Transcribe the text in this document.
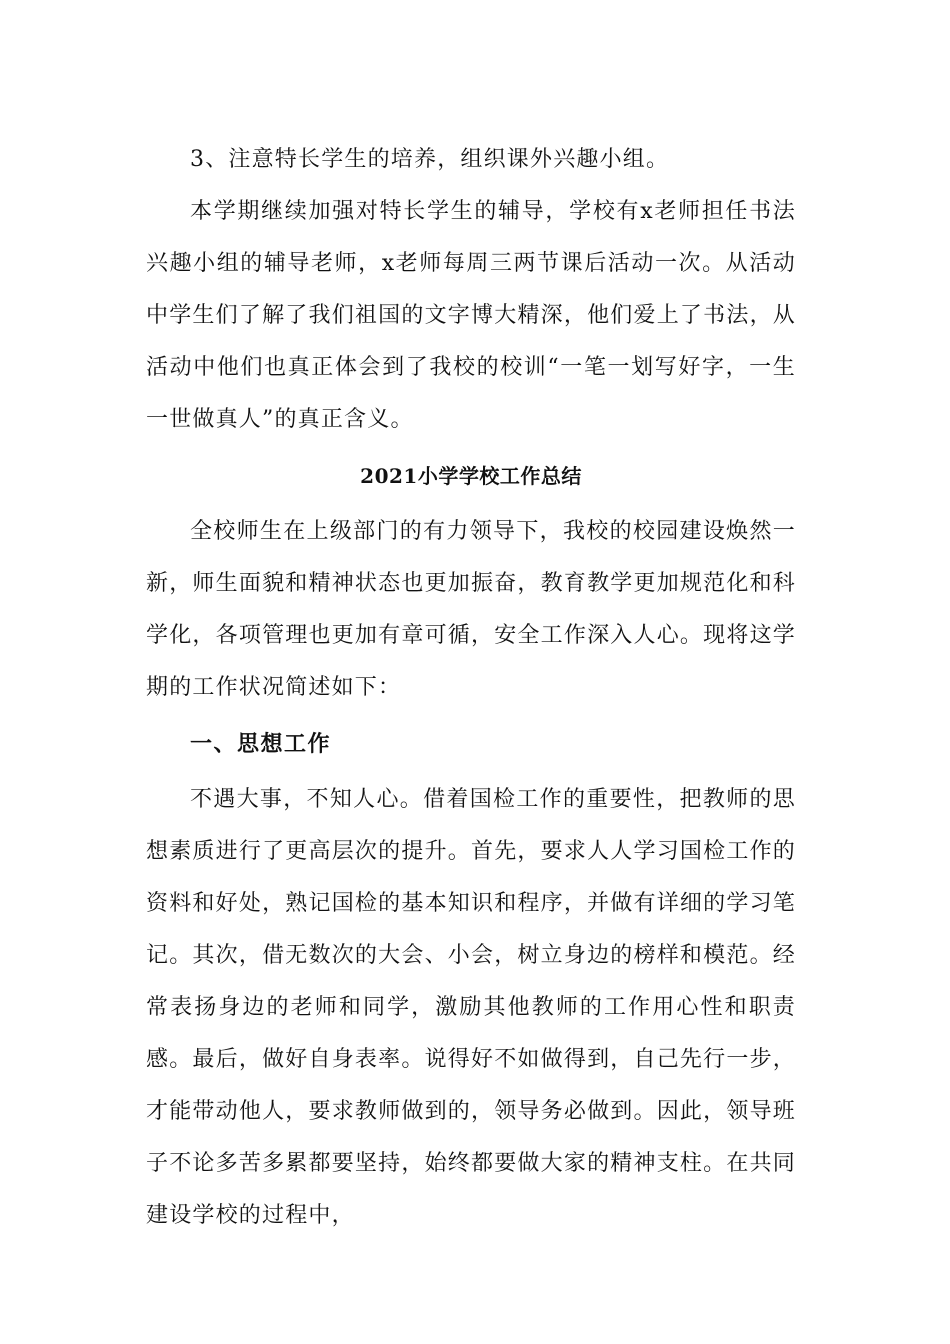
3、注意特长学生的培养，组织课外兴趣小组。

本学期继续加强对特长学生的辅导，学校有x老师担任书法兴趣小组的辅导老师，x老师每周三两节课后活动一次。从活动中学生们了解了我们祖国的文字博大精深，他们爱上了书法，从活动中他们也真正体会到了我校的校训“一笔一划写好字，一生一世做真人”的真正含义。

2021小学学校工作总结

全校师生在上级部门的有力领导下，我校的校园建设焕然一新，师生面貌和精神状态也更加振奋，教育教学更加规范化和科学化，各项管理也更加有章可循，安全工作深入人心。现将这学期的工作状况简述如下：

一、思想工作

不遇大事，不知人心。借着国检工作的重要性，把教师的思想素质进行了更高层次的提升。首先，要求人人学习国检工作的资料和好处，熟记国检的基本知识和程序，并做有详细的学习笔记。其次，借无数次的大会、小会，树立身边的榜样和模范。经常表扬身边的老师和同学，激励其他教师的工作用心性和职责感。最后，做好自身表率。说得好不如做得到，自己先行一步，才能带动他人，要求教师做到的，领导务必做到。因此，领导班子不论多苦多累都要坚持，始终都要做大家的精神支柱。在共同建设学校的过程中，
